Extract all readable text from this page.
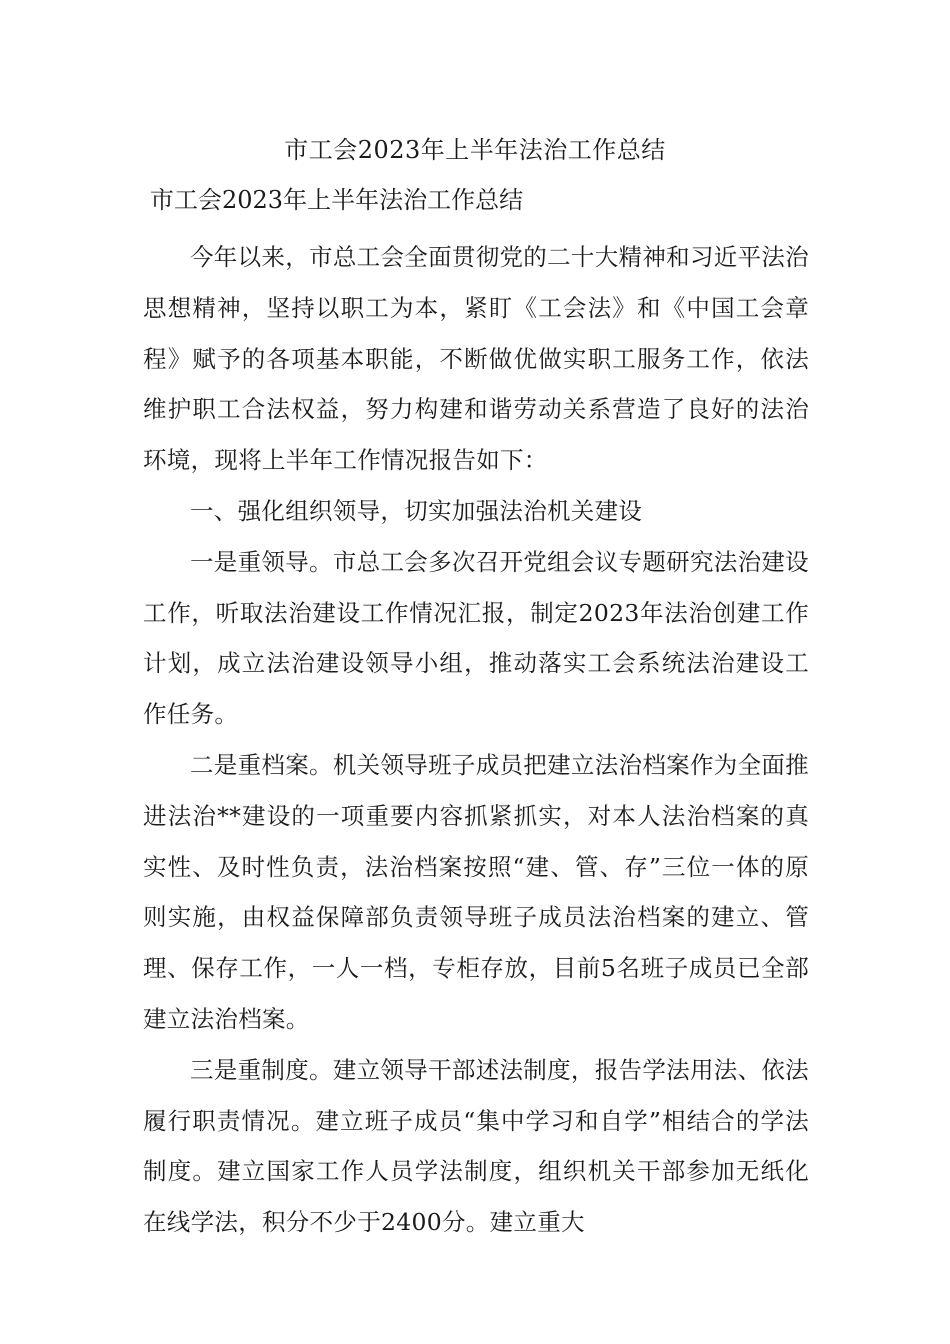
市工会2023年上半年法治工作总结
市工会2023年上半年法治工作总结

今年以来，市总工会全面贯彻党的二十大精神和习近平法治思想精神，坚持以职工为本，紧盯《工会法》和《中国工会章程》赋予的各项基本职能，不断做优做实职工服务工作，依法维护职工合法权益，努力构建和谐劳动关系营造了良好的法治环境，现将上半年工作情况报告如下：

一、强化组织领导，切实加强法治机关建设

一是重领导。市总工会多次召开党组会议专题研究法治建设工作，听取法治建设工作情况汇报，制定2023年法治创建工作计划，成立法治建设领导小组，推动落实工会系统法治建设工作任务。

二是重档案。机关领导班子成员把建立法治档案作为全面推进法治**建设的一项重要内容抓紧抓实，对本人法治档案的真实性、及时性负责，法治档案按照“建、管、存”三位一体的原则实施，由权益保障部负责领导班子成员法治档案的建立、管理、保存工作，一人一档，专柜存放，目前5名班子成员已全部建立法治档案。

三是重制度。建立领导干部述法制度，报告学法用法、依法履行职责情况。建立班子成员“集中学习和自学”相结合的学法制度。建立国家工作人员学法制度，组织机关干部参加无纸化在线学法，积分不少于2400分。建立重大
